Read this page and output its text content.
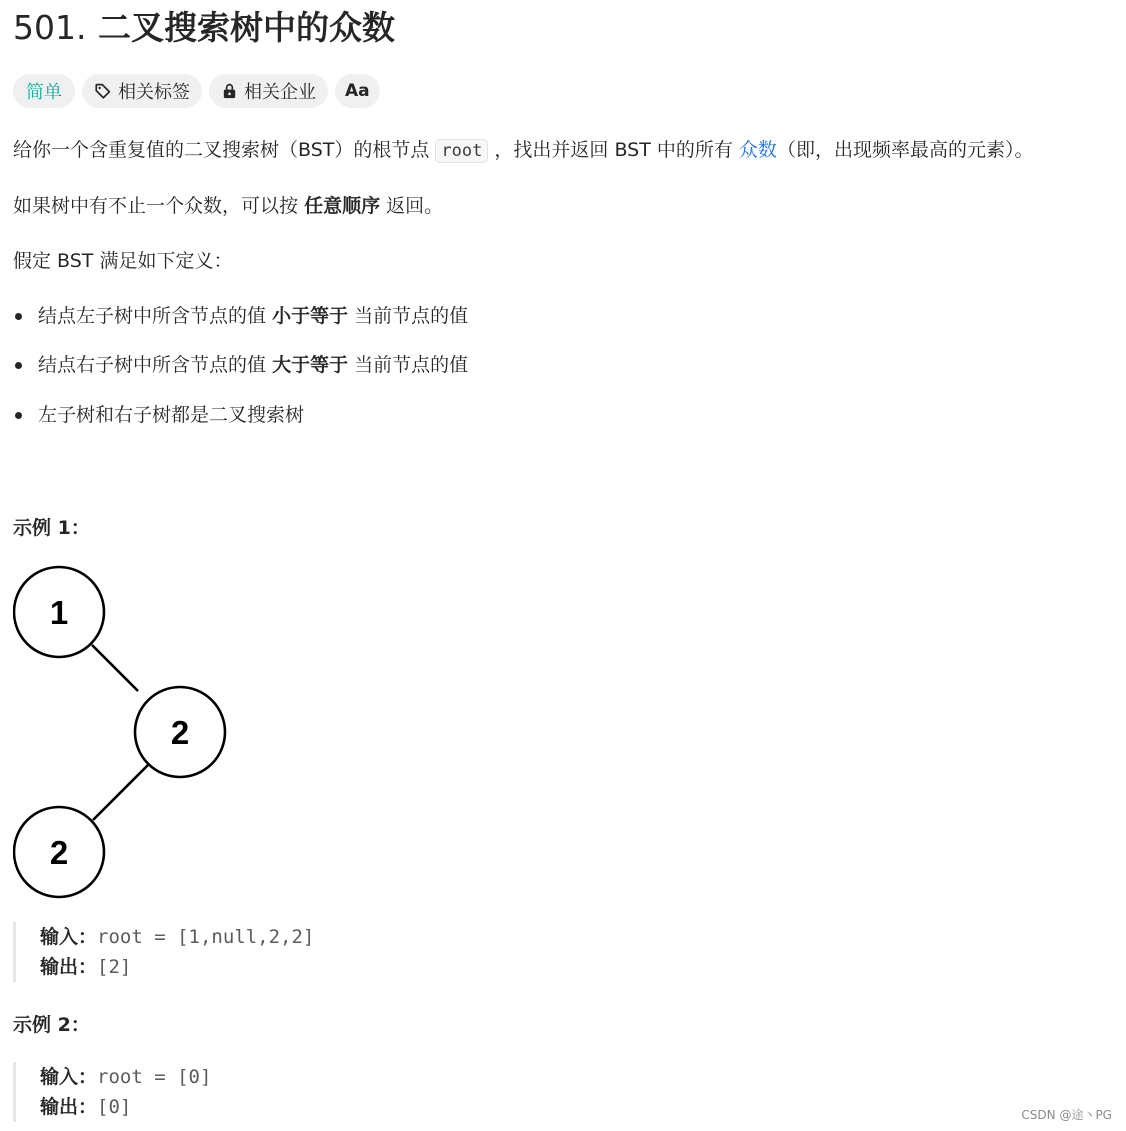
501. 二叉搜索树中的众数
简单	相关标签	相关企业 Aa

给你一个含重复值的二叉搜索树（BST）的根节点 root ，找出并返回 BST 中的所有 众数（即，出现频率最高的元素）。

如果树中有不止一个众数，可以按 任意顺序 返回。

假定 BST 满足如下定义：

结点左子树中所含节点的值
小于等于
当前节点的值
结点右子树中所含节点的值
大于等于
当前节点的值
左子树和右子树都是二叉搜索树

示例 1：

1
2
2
输入：root = [1,null,2,2]
输出：[2]

示例 2：

输入：root = [0]
输出：[0]	CSDN @途丶PG
